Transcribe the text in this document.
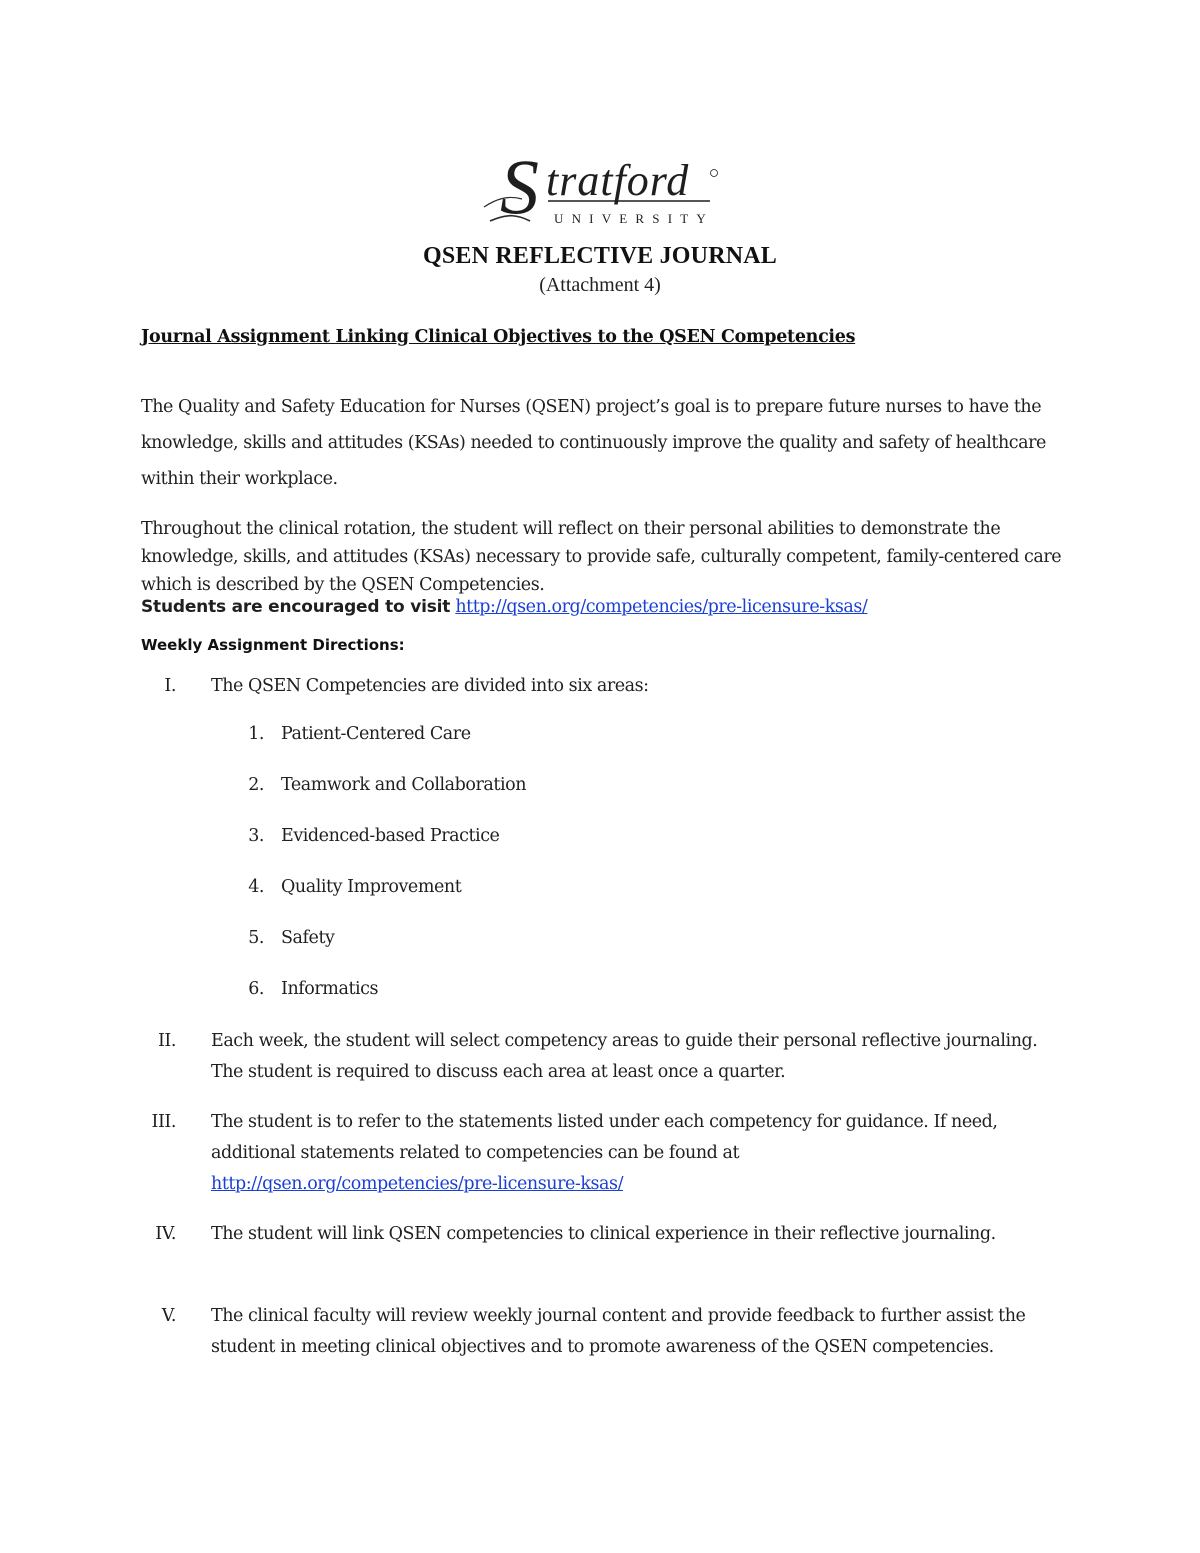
S tratford
UNIVERSITY
QSEN REFLECTIVE JOURNAL
(Attachment 4)
Journal Assignment Linking Clinical Objectives to the QSEN Competencies
The Quality and Safety Education for Nurses (QSEN) project’s goal is to prepare future nurses to have the knowledge, skills and attitudes (KSAs) needed to continuously improve the quality and safety of healthcare within their workplace.
Throughout the clinical rotation, the student will reflect on their personal abilities to demonstrate the knowledge, skills, and attitudes (KSAs) necessary to provide safe, culturally competent, family-centered care which is described by the QSEN Competencies.
Students are encouraged to visit http://qsen.org/competencies/pre-licensure-ksas/
Weekly Assignment Directions:
I. The QSEN Competencies are divided into six areas:
1. Patient-Centered Care
2. Teamwork and Collaboration
3. Evidenced-based Practice
4. Quality Improvement
5. Safety
6. Informatics
II. Each week, the student will select competency areas to guide their personal reflective journaling. The student is required to discuss each area at least once a quarter.
III. The student is to refer to the statements listed under each competency for guidance. If need, additional statements related to competencies can be found at
http://qsen.org/competencies/pre-licensure-ksas/
IV. The student will link QSEN competencies to clinical experience in their reflective journaling.
V. The clinical faculty will review weekly journal content and provide feedback to further assist the student in meeting clinical objectives and to promote awareness of the QSEN competencies.
